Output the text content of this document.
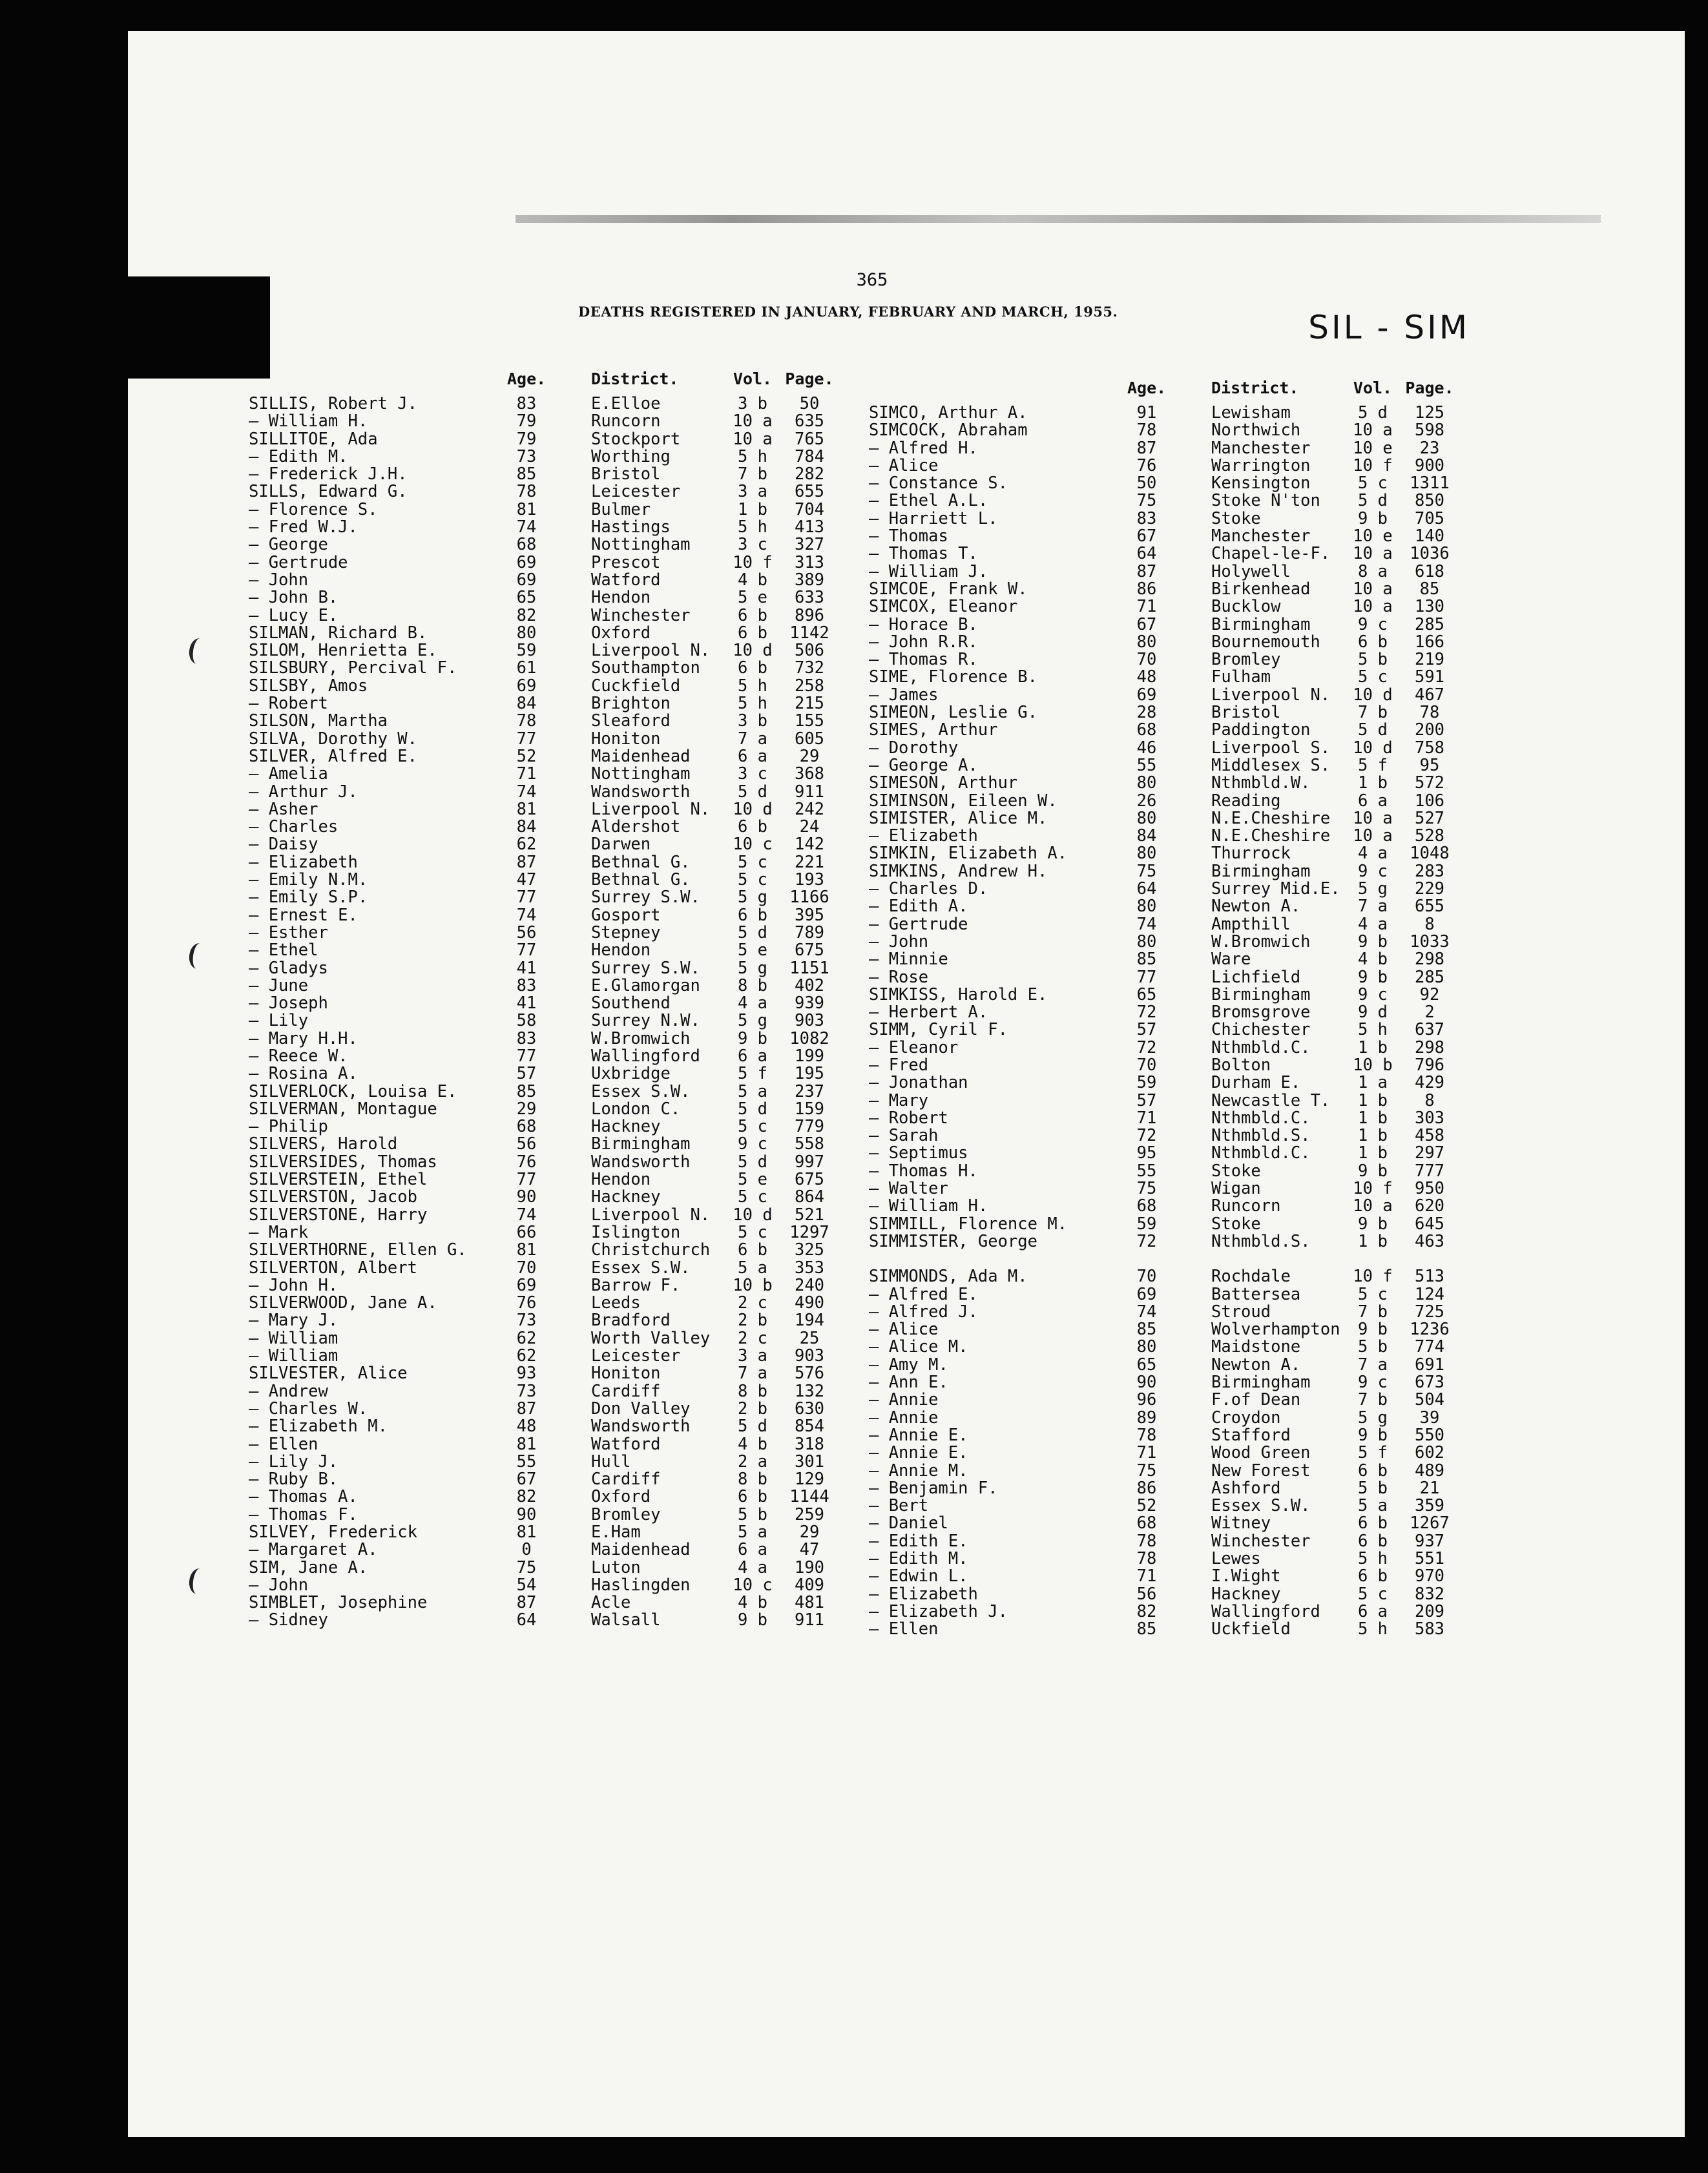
365
DEATHS REGISTERED IN JANUARY, FEBRUARY AND MARCH, 1955.	SIL - SIM
Age.	District.	Vol. Page.
SILLIS, Robert J.	83	E.Elloe	3 b	50
— William H.	79	Runcorn	10 a	635
SILLITOE, Ada	79	Stockport	10 a	765
— Edith M.	73	Worthing	5 h	784
— Frederick J.H.	85	Bristol	7 b	282
SILLS, Edward G.	78	Leicester	3 a	655
— Florence S.	81	Bulmer	1 b	704
— Fred W.J.	74	Hastings	5 h	413
— George	68	Nottingham	3 c	327
— Gertrude	69	Prescot	10 f	313
— John	69	Watford	4 b	389
— John B.	65	Hendon	5 e	633
— Lucy E.	82	Winchester	6 b	896
SILMAN, Richard B.	80	Oxford	6 b	1142
SILOM, Henrietta E.	59	Liverpool N.	10 d	506
SILSBURY, Percival F.	61	Southampton	6 b	732
SILSBY, Amos	69	Cuckfield	5 h	258
— Robert	84	Brighton	5 h	215
SILSON, Martha	78	Sleaford	3 b	155
SILVA, Dorothy W.	77	Honiton	7 a	605
SILVER, Alfred E.	52	Maidenhead	6 a	29
— Amelia	71	Nottingham	3 c	368
— Arthur J.	74	Wandsworth	5 d	911
— Asher	81	Liverpool N.	10 d	242
— Charles	84	Aldershot	6 b	24
— Daisy	62	Darwen	10 c	142
— Elizabeth	87	Bethnal G.	5 c	221
— Emily N.M.	47	Bethnal G.	5 c	193
— Emily S.P.	77	Surrey S.W.	5 g	1166
— Ernest E.	74	Gosport	6 b	395
— Esther	56	Stepney	5 d	789
— Ethel	77	Hendon	5 e	675
— Gladys	41	Surrey S.W.	5 g	1151
— June	83	E.Glamorgan	8 b	402
— Joseph	41	Southend	4 a	939
— Lily	58	Surrey N.W.	5 g	903
— Mary H.H.	83	W.Bromwich	9 b	1082
— Reece W.	77	Wallingford	6 a	199
— Rosina A.	57	Uxbridge	5 f	195
SILVERLOCK, Louisa E.	85	Essex S.W.	5 a	237
SILVERMAN, Montague	29	London C.	5 d	159
— Philip	68	Hackney	5 c	779
SILVERS, Harold	56	Birmingham	9 c	558
SILVERSIDES, Thomas	76	Wandsworth	5 d	997
SILVERSTEIN, Ethel	77	Hendon	5 e	675
SILVERSTON, Jacob	90	Hackney	5 c	864
SILVERSTONE, Harry	74	Liverpool N.	10 d	521
— Mark	66	Islington	5 c	1297
SILVERTHORNE, Ellen G.	81	Christchurch	6 b	325
SILVERTON, Albert	70	Essex S.W.	5 a	353
— John H.	69	Barrow F.	10 b	240
SILVERWOOD, Jane A.	76	Leeds	2 c	490
— Mary J.	73	Bradford	2 b	194
— William	62	Worth Valley	2 c	25
— William	62	Leicester	3 a	903
SILVESTER, Alice	93	Honiton	7 a	576
— Andrew	73	Cardiff	8 b	132
— Charles W.	87	Don Valley	2 b	630
— Elizabeth M.	48	Wandsworth	5 d	854
— Ellen	81	Watford	4 b	318
— Lily J.	55	Hull	2 a	301
— Ruby B.	67	Cardiff	8 b	129
— Thomas A.	82	Oxford	6 b	1144
— Thomas F.	90	Bromley	5 b	259
SILVEY, Frederick	81	E.Ham	5 a	29
— Margaret A.	0	Maidenhead	6 a	47
SIM, Jane A.	75	Luton	4 a	190
— John	54	Haslingden	10 c	409
SIMBLET, Josephine	87	Acle	4 b	481
— Sidney	64	Walsall	9 b	911
Age.	District.	Vol. Page.
SIMCO, Arthur A.	91	Lewisham	5 d	125
SIMCOCK, Abraham	78	Northwich	10 a	598
— Alfred H.	87	Manchester	10 e	23
— Alice	76	Warrington	10 f	900
— Constance S.	50	Kensington	5 c	1311
— Ethel A.L.	75	Stoke N'ton	5 d	850
— Harriett L.	83	Stoke	9 b	705
— Thomas	67	Manchester	10 e	140
— Thomas T.	64	Chapel-le-F.	10 a	1036
— William J.	87	Holywell	8 a	618
SIMCOE, Frank W.	86	Birkenhead	10 a	85
SIMCOX, Eleanor	71	Bucklow	10 a	130
— Horace B.	67	Birmingham	9 c	285
— John R.R.	80	Bournemouth	6 b	166
— Thomas R.	70	Bromley	5 b	219
SIME, Florence B.	48	Fulham	5 c	591
— James	69	Liverpool N.	10 d	467
SIMEON, Leslie G.	28	Bristol	7 b	78
SIMES, Arthur	68	Paddington	5 d	200
— Dorothy	46	Liverpool S.	10 d	758
— George A.	55	Middlesex S.	5 f	95
SIMESON, Arthur	80	Nthmbld.W.	1 b	572
SIMINSON, Eileen W.	26	Reading	6 a	106
SIMISTER, Alice M.	80	N.E.Cheshire	10 a	527
— Elizabeth	84	N.E.Cheshire	10 a	528
SIMKIN, Elizabeth A.	80	Thurrock	4 a	1048
SIMKINS, Andrew H.	75	Birmingham	9 c	283
— Charles D.	64	Surrey Mid.E.	5 g	229
— Edith A.	80	Newton A.	7 a	655
— Gertrude	74	Ampthill	4 a	8
— John	80	W.Bromwich	9 b	1033
— Minnie	85	Ware	4 b	298
— Rose	77	Lichfield	9 b	285
SIMKISS, Harold E.	65	Birmingham	9 c	92
— Herbert A.	72	Bromsgrove	9 d	2
SIMM, Cyril F.	57	Chichester	5 h	637
— Eleanor	72	Nthmbld.C.	1 b	298
— Fred	70	Bolton	10 b	796
— Jonathan	59	Durham E.	1 a	429
— Mary	57	Newcastle T.	1 b	8
— Robert	71	Nthmbld.C.	1 b	303
— Sarah	72	Nthmbld.S.	1 b	458
— Septimus	95	Nthmbld.C.	1 b	297
— Thomas H.	55	Stoke	9 b	777
— Walter	75	Wigan	10 f	950
— William H.	68	Runcorn	10 a	620
SIMMILL, Florence M.	59	Stoke	9 b	645
SIMMISTER, George	72	Nthmbld.S.	1 b	463
SIMMONDS, Ada M.	70	Rochdale	10 f	513
— Alfred E.	69	Battersea	5 c	124
— Alfred J.	74	Stroud	7 b	725
— Alice	85	Wolverhampton	9 b	1236
— Alice M.	80	Maidstone	5 b	774
— Amy M.	65	Newton A.	7 a	691
— Ann E.	90	Birmingham	9 c	673
— Annie	96	F.of Dean	7 b	504
— Annie	89	Croydon	5 g	39
— Annie E.	78	Stafford	9 b	550
— Annie E.	71	Wood Green	5 f	602
— Annie M.	75	New Forest	6 b	489
— Benjamin F.	86	Ashford	5 b	21
— Bert	52	Essex S.W.	5 a	359
— Daniel	68	Witney	6 b	1267
— Edith E.	78	Winchester	6 b	937
— Edith M.	78	Lewes	5 h	551
— Edwin L.	71	I.Wight	6 b	970
— Elizabeth	56	Hackney	5 c	832
— Elizabeth J.	82	Wallingford	6 a	209
— Ellen	85	Uckfield	5 h	583
